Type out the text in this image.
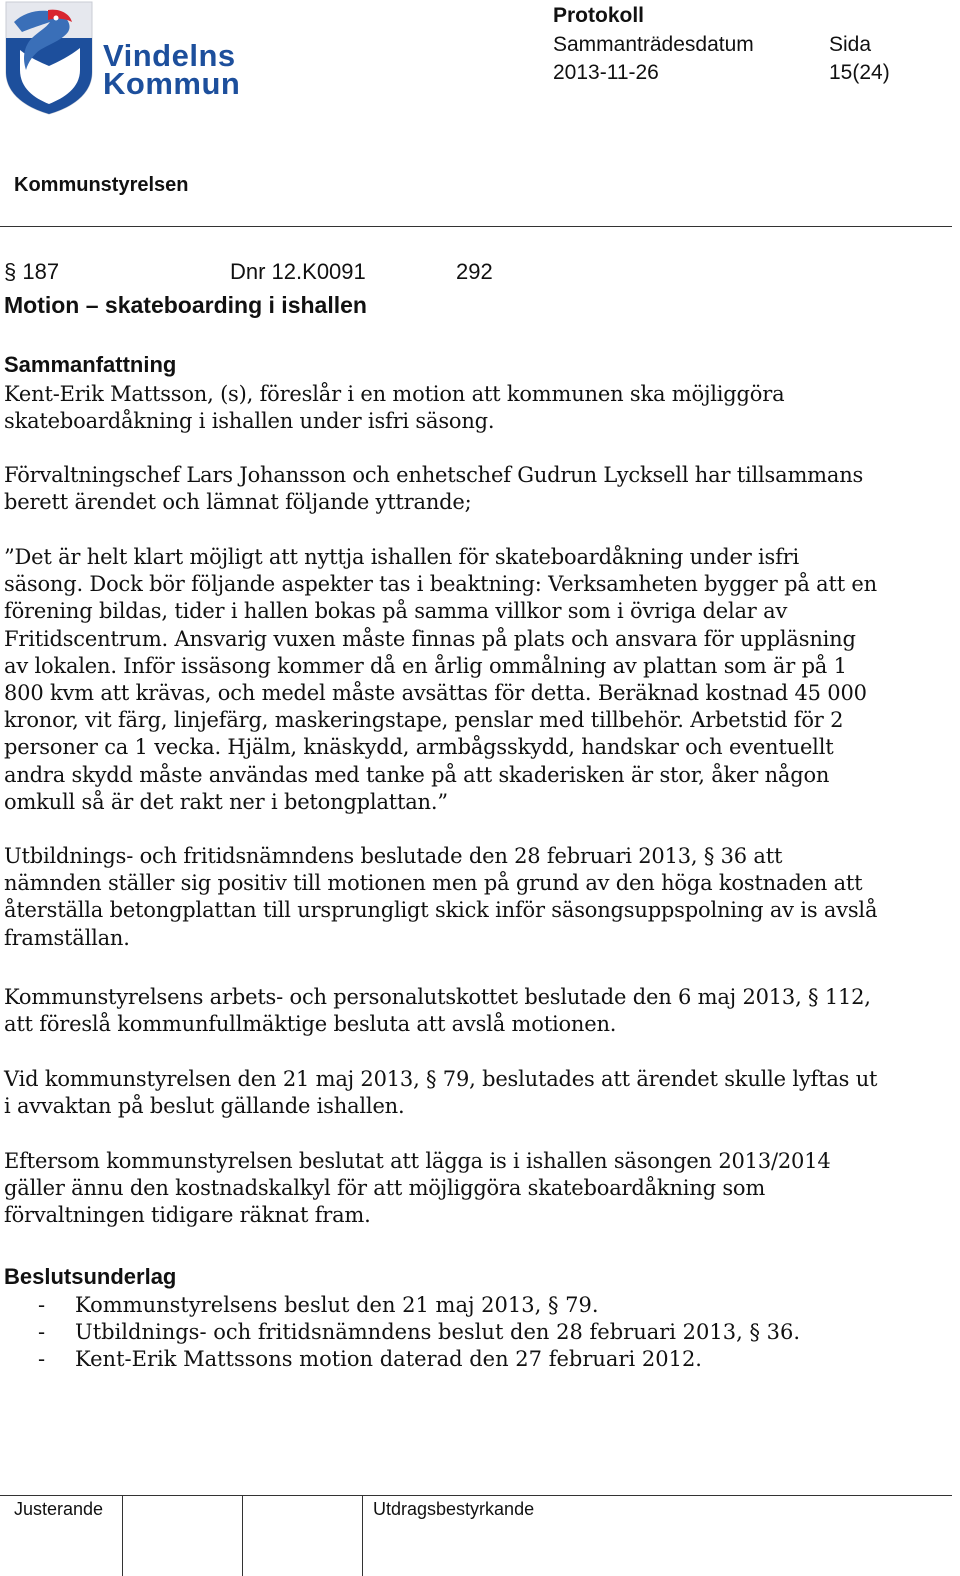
Vindelns
Kommun
Protokoll
Sammanträdesdatum
2013-11-26
Sida
15(24)
Kommunstyrelsen
§ 187	Dnr 12.K0091	292
Motion – skateboarding i ishallen
Sammanfattning

Kent-Erik Mattsson, (s), föreslår i en motion att kommunen ska möjliggöra skateboardåkning i ishallen under isfri säsong.

Förvaltningschef Lars Johansson och enhetschef Gudrun Lycksell har tillsammans berett ärendet och lämnat följande yttrande;

”Det är helt klart möjligt att nyttja ishallen för skateboardåkning under isfri säsong. Dock bör följande aspekter tas i beaktning: Verksamheten bygger på att en förening bildas, tider i hallen bokas på samma villkor som i övriga delar av Fritidscentrum. Ansvarig vuxen måste finnas på plats och ansvara för uppläsning av lokalen. Inför issäsong kommer då en årlig ommålning av plattan som är på 1 800 kvm att krävas, och medel måste avsättas för detta. Beräknad kostnad 45 000 kronor, vit färg, linjefärg, maskeringstape, penslar med tillbehör. Arbetstid för 2 personer ca 1 vecka. Hjälm, knäskydd, armbågsskydd, handskar och eventuellt andra skydd måste användas med tanke på att skaderisken är stor, åker någon omkull så är det rakt ner i betongplattan.”

Utbildnings- och fritidsnämndens beslutade den 28 februari 2013, § 36 att nämnden ställer sig positiv till motionen men på grund av den höga kostnaden att återställa betongplattan till ursprungligt skick inför säsongsuppspolning av is avslå framställan.

Kommunstyrelsens arbets- och personalutskottet beslutade den 6 maj 2013, § 112, att föreslå kommunfullmäktige besluta att avslå motionen.

Vid kommunstyrelsen den 21 maj 2013, § 79, beslutades att ärendet skulle lyftas ut i avvaktan på beslut gällande ishallen.

Eftersom kommunstyrelsen beslutat att lägga is i ishallen säsongen 2013/2014 gäller ännu den kostnadskalkyl för att möjliggöra skateboardåkning som förvaltningen tidigare räknat fram.

Beslutsunderlag
- Kommunstyrelsens beslut den 21 maj 2013, § 79.
- Utbildnings- och fritidsnämndens beslut den 28 februari 2013, § 36.
- Kent-Erik Mattssons motion daterad den 27 februari 2012.
Justerande	Utdragsbestyrkande
